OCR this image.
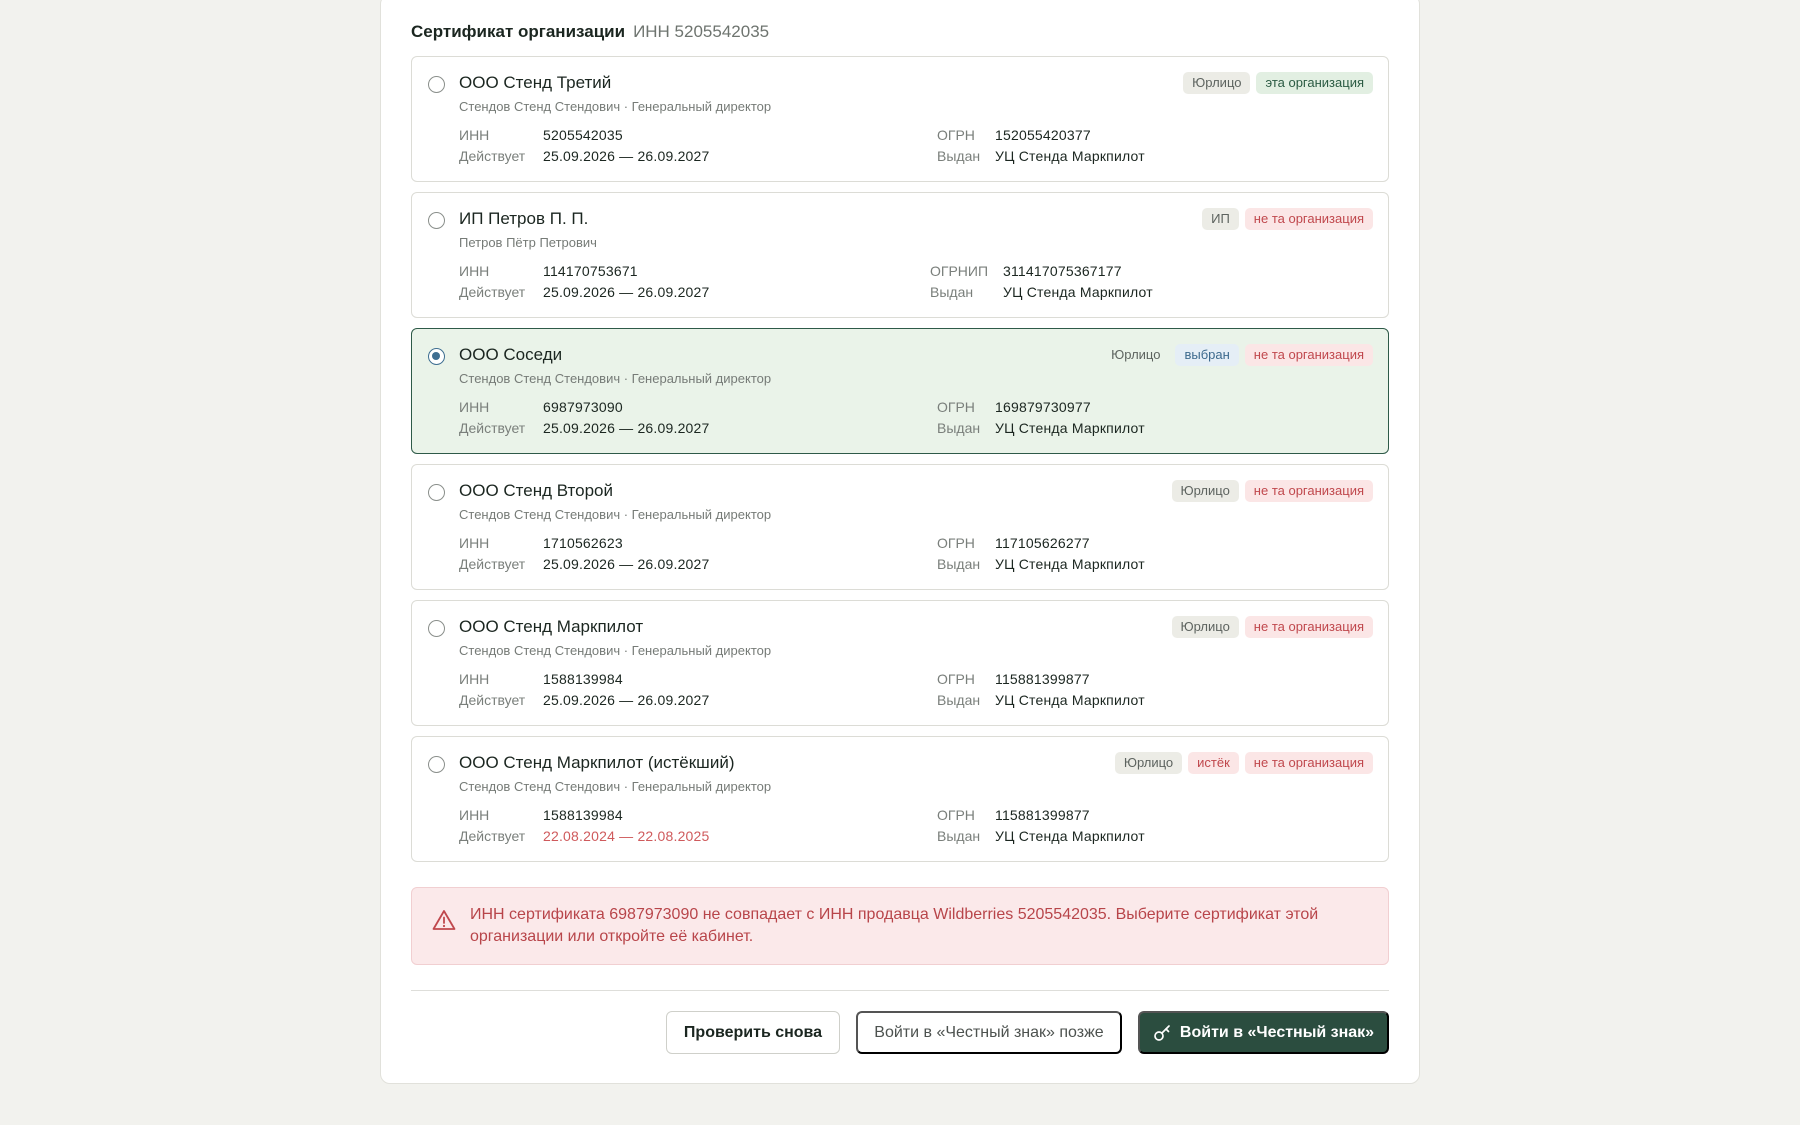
Сертификат организации ИНН 5205542035
ООО Стенд Третий
Стендов Стенд Стендович · Генеральный директор
Юрлицо	эта организация
ИНН	5205542035
Действует	25.09.2026 — 26.09.2027
ОГРН	152055420377
Выдан	УЦ Стенда Маркпилот
ИП Петров П. П.
Петров Пётр Петрович
ИП	не та организация
ИНН	114170753671
Действует	25.09.2026 — 26.09.2027
ОГРНИП	311417075367177
Выдан	УЦ Стенда Маркпилот
ООО Соседи
Стендов Стенд Стендович · Генеральный директор
Юрлицо	выбран	не та организация
ИНН	6987973090
Действует	25.09.2026 — 26.09.2027
ОГРН	169879730977
Выдан	УЦ Стенда Маркпилот
ООО Стенд Второй
Стендов Стенд Стендович · Генеральный директор
Юрлицо	не та организация
ИНН	1710562623
Действует	25.09.2026 — 26.09.2027
ОГРН	117105626277
Выдан	УЦ Стенда Маркпилот
ООО Стенд Маркпилот
Стендов Стенд Стендович · Генеральный директор
Юрлицо	не та организация
ИНН	1588139984
Действует	25.09.2026 — 26.09.2027
ОГРН	115881399877
Выдан	УЦ Стенда Маркпилот
ООО Стенд Маркпилот (истёкший)
Стендов Стенд Стендович · Генеральный директор
Юрлицо	истёк	не та организация
ИНН	1588139984
Действует	22.08.2024 — 22.08.2025
ОГРН	115881399877
Выдан	УЦ Стенда Маркпилот
ИНН сертификата 6987973090 не совпадает с ИНН продавца Wildberries 5205542035. Выберите сертификат этой организации или откройте её кабинет.
Проверить снова	Войти в «Честный знак» позже	Войти в «Честный знак»
